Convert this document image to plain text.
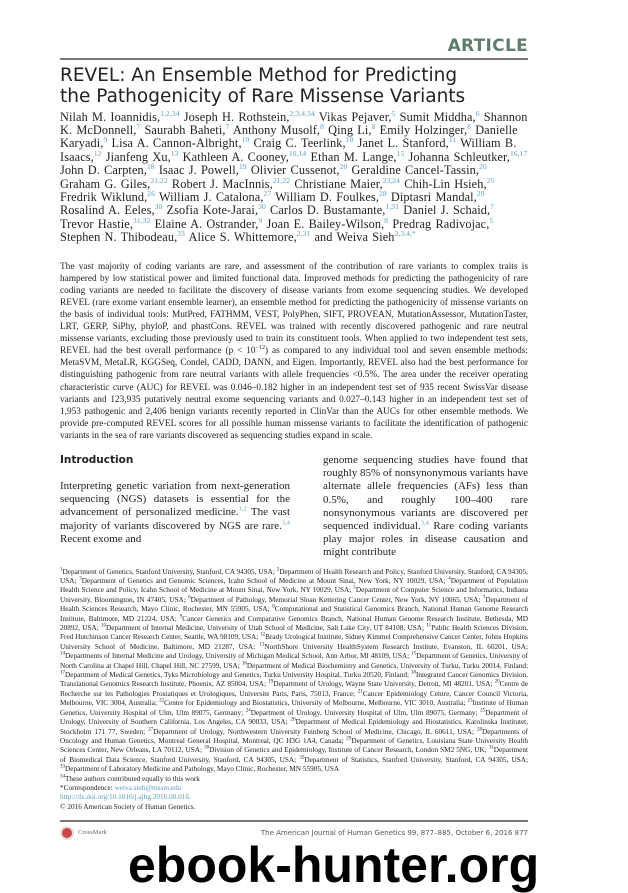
ARTICLE
REVEL: An Ensemble Method for Predicting
the Pathogenicity of Rare Missense Variants
Nilah M. Ioannidis,$^{1,2,34}$ Joseph H. Rothstein,$^{2,3,4,34}$ Vikas Pejaver,$^5$ Sumit Middha,$^6$ Shannon K. McDonnell,$^7$ Saurabh Baheti,$^7$ Anthony Musolf,$^8$ Qing Li,$^8$ Emily Holzinger,$^8$ Danielle Karyadi,$^9$ Lisa A. Cannon-Albright,$^{10}$ Craig C. Teerlink,$^{10}$ Janet L. Stanford,$^{11}$ William B. Isaacs,$^{12}$ Jianfeng Xu,$^{13}$ Kathleen A. Cooney,$^{10,14}$ Ethan M. Lange,$^{15}$ Johanna Schleutker,$^{16,17}$ John D. Carpten,$^{18}$ Isaac J. Powell,$^{19}$ Olivier Cussenot,$^{20}$ Geraldine Cancel-Tassin,$^{20}$ Graham G. Giles,$^{21,22}$ Robert J. MacInnis,$^{21,22}$ Christiane Maier,$^{23,24}$ Chih-Lin Hsieh,$^{25}$ Fredrik Wiklund,$^{26}$ William J. Catalona,$^{27}$ William D. Foulkes,$^{28}$ Diptasri Mandal,$^{29}$ Rosalind A. Eeles,$^{30}$ Zsofia Kote-Jarai,$^{30}$ Carlos D. Bustamante,$^{1,31}$ Daniel J. Schaid,$^7$ Trevor Hastie,$^{31,32}$ Elaine A. Ostrander,$^9$ Joan E. Bailey-Wilson,$^8$ Predrag Radivojac,$^5$ Stephen N. Thibodeau,$^{33}$ Alice S. Whittemore,$^{2,31}$ and Weiva Sieh$^{2,3,4,*}$
The vast majority of coding variants are rare, and assessment of the contribution of rare variants to complex traits is hampered by low statistical power and limited functional data. Improved methods for predicting the pathogenicity of rare coding variants are needed to facilitate the discovery of disease variants from exome sequencing studies. We developed REVEL (rare exome variant ensemble learner), an ensemble method for predicting the pathogenicity of missense variants on the basis of individual tools: MutPred, FATHMM, VEST, PolyPhen, SIFT, PROVEAN, MutationAssessor, MutationTaster, LRT, GERP, SiPhy, phyloP, and phastCons. REVEL was trained with recently discovered pathogenic and rare neutral missense variants, excluding those previously used to train its constituent tools. When applied to two independent test sets, REVEL had the best overall performance $(p < 10^{-12})$ as compared to any individual tool and seven ensemble methods: MetaSVM, MetaLR, KGGSeq, Condel, CADD, DANN, and Eigen. Importantly, REVEL also had the best performance for distinguishing pathogenic from rare neutral variants with allele frequencies <0.5%. The area under the receiver operating characteristic curve (AUC) for REVEL was 0.046–0.182 higher in an independent test set of 935 recent SwissVar disease variants and 123,935 putatively neutral exome sequencing variants and 0.027–0.143 higher in an independent test set of 1,953 pathogenic and 2,406 benign variants recently reported in ClinVar than the AUCs for other ensemble methods. We provide pre-computed REVEL scores for all possible human missense variants to facilitate the identification of pathogenic variants in the sea of rare variants discovered as sequencing studies expand in scale.
Introduction
Interpreting genetic variation from next-generation sequencing (NGS) datasets is essential for the advancement of personalized medicine.$^{1,2}$ The vast majority of variants discovered by NGS are rare.$^{3,4}$ Recent exome and
genome sequencing studies have found that roughly 85% of nonsynonymous variants have alternate allele frequencies (AFs) less than 0.5%, and roughly 100–400 rare nonsynonymous variants are discovered per sequenced individual.$^{3,4}$ Rare coding variants play major roles in disease causation and might contribute
$^1$Department of Genetics, Stanford University, Stanford, CA 94305, USA; $^2$Department of Health Research and Policy, Stanford University, Stanford, CA 94305, USA; $^3$Department of Genetics and Genomic Sciences, Icahn School of Medicine at Mount Sinai, New York, NY 10029, USA; $^4$Department of Population Health Science and Policy, Icahn School of Medicine at Mount Sinai, New York, NY 10029, USA; $^5$Department of Computer Science and Informatics, Indiana University, Bloomington, IN 47405, USA; $^6$Department of Pathology, Memorial Sloan Kettering Cancer Center, New York, NY 10065, USA; $^7$Department of Health Sciences Research, Mayo Clinic, Rochester, MN 55905, USA; $^8$Computational and Statistical Genomics Branch, National Human Genome Research Institute, Baltimore, MD 21224, USA; $^9$Cancer Genetics and Comparative Genomics Branch, National Human Genome Research Institute, Bethesda, MD 20892, USA; $^{10}$Department of Internal Medicine, University of Utah School of Medicine, Salt Lake City, UT 84108, USA; $^{11}$Public Health Sciences Division, Fred Hutchinson Cancer Research Center, Seattle, WA 98109, USA; $^{12}$Brady Urological Institute, Sidney Kimmel Comprehensive Cancer Center, Johns Hopkins University School of Medicine, Baltimore, MD 21287, USA; $^{13}$NorthShore University HealthSystem Research Institute, Evanston, IL 60201, USA; $^{14}$Departments of Internal Medicine and Urology, University of Michigan Medical School, Ann Arbor, MI 48109, USA; $^{15}$Department of Genetics, University of North Carolina at Chapel Hill, Chapel Hill, NC 27599, USA; $^{16}$Department of Medical Biochemistry and Genetics, University of Turku, Turku 20014, Finland; $^{17}$Department of Medical Genetics, Tyks Microbiology and Genetics, Turku University Hospital, Turku 20520, Finland; $^{18}$Integrated Cancer Genomics Division, Translational Genomics Research Institute, Phoenix, AZ 85004, USA; $^{19}$Department of Urology, Wayne State University, Detroit, MI 48201, USA; $^{20}$Centre de Recherche sur les Pathologies Prostatiques et Urologiques, Universite Paris, Paris, 75013, France; $^{21}$Cancer Epidemiology Centre, Cancer Council Victoria, Melbourne, VIC 3004, Australia; $^{22}$Centre for Epidemiology and Biostatistics, University of Melbourne, Melbourne, VIC 3010, Australia; $^{23}$Institute of Human Genetics, University Hospital of Ulm, Ulm 89075, Germany; $^{24}$Department of Urology, University Hospital of Ulm, Ulm 89075, Germany; $^{25}$Department of Urology, University of Southern California, Los Angeles, CA 90033, USA; $^{26}$Department of Medical Epidemiology and Biostatistics, Karolinska Institutet, Stockholm 171 77, Sweden; $^{27}$Department of Urology, Northwestern University Feinberg School of Medicine, Chicago, IL 60611, USA; $^{28}$Departments of Oncology and Human Genetics, Montreal General Hospital, Montreal, QC H3G 1A4, Canada; $^{29}$Department of Genetics, Louisiana State University Health Sciences Center, New Orleans, LA 70112, USA; $^{30}$Division of Genetics and Epidemiology, Institute of Cancer Research, London SM2 5NG, UK; $^{31}$Department of Biomedical Data Science, Stanford University, Stanford, CA 94305, USA; $^{32}$Department of Statistics, Stanford University, Stanford, CA 94305, USA; $^{33}$Department of Laboratory Medicine and Pathology, Mayo Clinic, Rochester, MN 55905, USA
$^{34}$These authors contributed equally to this work
*Correspondence: weiva.sieh@mssm.edu
http://dx.doi.org/10.1016/j.ajhg.2016.08.016.
© 2016 American Society of Human Genetics.
CrossMark	The American Journal of Human Genetics 99, 877–885, October 6, 2016 877
ebook-hunter.org
